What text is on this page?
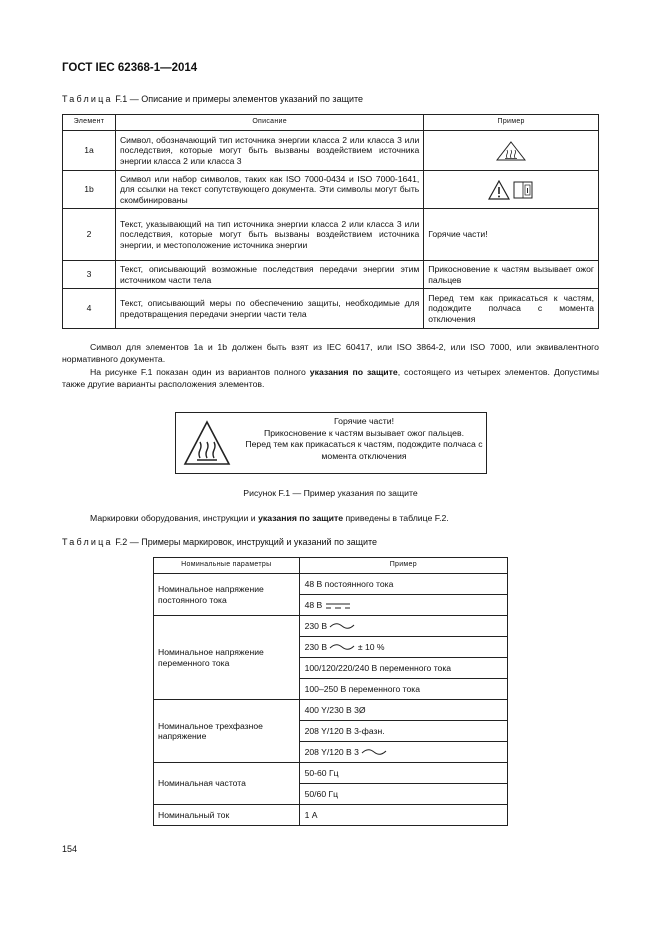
ГОСТ IEC 62368-1—2014
Таблица F.1 — Описание и примеры элементов указаний по защите
Элемент	Описание	Пример
1a	Символ, обозначающий тип источника энергии класса 2 или класса 3 или последствия, которые могут быть вызваны воздействием источника энергии класса 2 или класса 3	
1b	Символ или набор символов, таких как ISO 7000-0434 и ISO 7000-1641, для ссылки на текст сопутствующего документа. Эти символы могут быть скомбинированы	
2	Текст, указывающий на тип источника энергии класса 2 или класса 3 или последствия, которые могут быть вызваны воздействием источника энергии, и местоположение источника энергии	Горячие части!
3	Текст, описывающий возможные последствия передачи энергии этим источником части тела	Прикосновение к частям вызывает ожог пальцев
4	Текст, описывающий меры по обеспечению защиты, необходимые для предотвращения передачи энергии части тела	Перед тем как прикасаться к частям, подождите полчаса с момента отключения
Символ для элементов 1a и 1b должен быть взят из IEC 60417, или ISO 3864-2, или ISO 7000, или эквивалентного нормативного документа.
На рисунке F.1 показан один из вариантов полного указания по защите, состоящего из четырех элементов. Допустимы также другие варианты расположения элементов.
Горячие части!
Прикосновение к частям вызывает ожог пальцев.
Перед тем как прикасаться к частям, подождите полчаса с момента отключения
Рисунок F.1 — Пример указания по защите
Маркировки оборудования, инструкции и указания по защите приведены в таблице F.2.
Таблица F.2 — Примеры маркировок, инструкций и указаний по защите
Номинальные параметры	Пример
Номинальное напряжение постоянного тока	48 В постоянного тока
	48 В
Номинальное напряжение переменного тока	230 В
	230 В ± 10 %
	100/120/220/240 В переменного тока
	100–250 В переменного тока
Номинальное трехфазное напряжение	400 Y/230 В 3Ø
	208 Y/120 В 3-фазн.
	208 Y/120 В 3
Номинальная частота	50-60 Гц
	50/60 Гц
Номинальный ток	1 А
154
